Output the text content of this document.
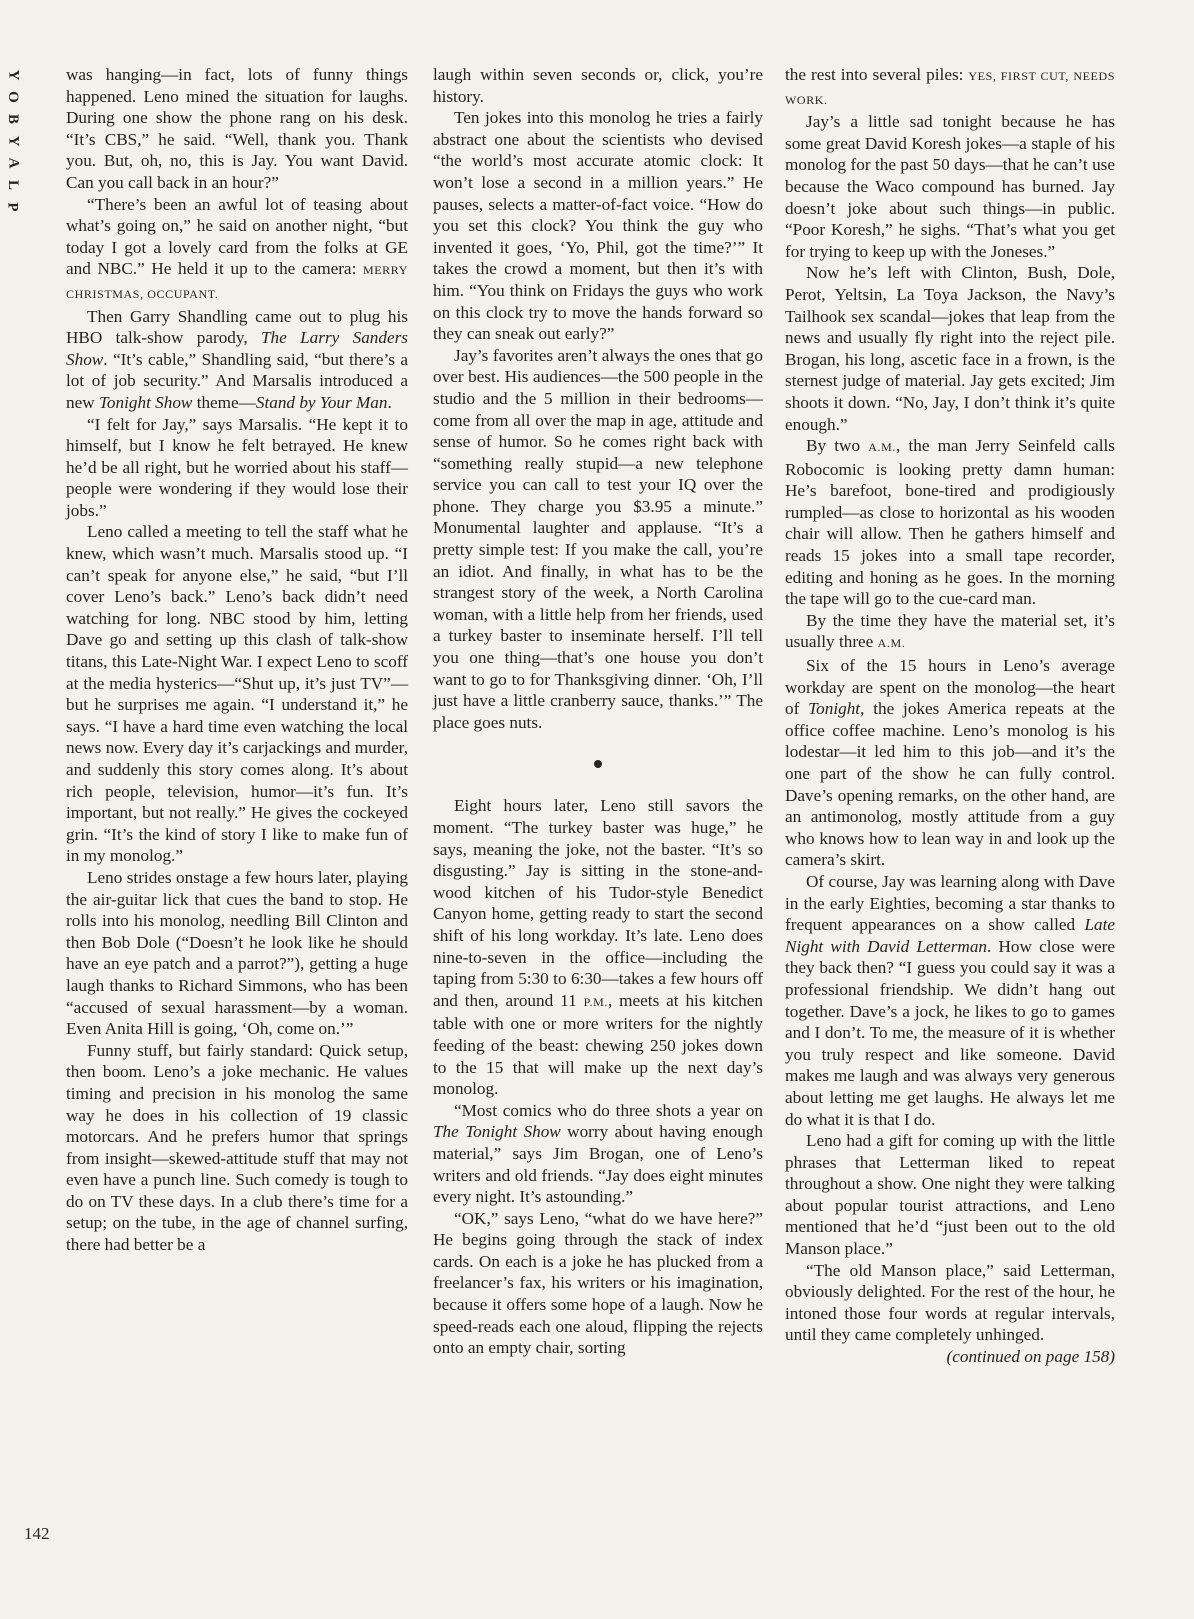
Y
O
B
Y
A
L
P
142

was hanging—in fact, lots of funny things happened. Leno mined the situation for laughs. During one show the phone rang on his desk. “It’s CBS,” he said. “Well, thank you. Thank you. But, oh, no, this is Jay. You want David. Can you call back in an hour?”

“There’s been an awful lot of teasing about what’s going on,” he said on another night, “but today I got a lovely card from the folks at GE and NBC.” He held it up to the camera: MERRY CHRISTMAS, OCCUPANT.

Then Garry Shandling came out to plug his HBO talk-show parody, The Larry Sanders Show. “It’s cable,” Shandling said, “but there’s a lot of job security.” And Marsalis introduced a new Tonight Show theme—Stand by Your Man.

“I felt for Jay,” says Marsalis. “He kept it to himself, but I know he felt betrayed. He knew he’d be all right, but he worried about his staff—people were wondering if they would lose their jobs.”

Leno called a meeting to tell the staff what he knew, which wasn’t much. Marsalis stood up. “I can’t speak for anyone else,” he said, “but I’ll cover Leno’s back.” Leno’s back didn’t need watching for long. NBC stood by him, letting Dave go and setting up this clash of talk-show titans, this Late-Night War. I expect Leno to scoff at the media hysterics—“Shut up, it’s just TV”—but he surprises me again. “I understand it,” he says. “I have a hard time even watching the local news now. Every day it’s carjackings and murder, and suddenly this story comes along. It’s about rich people, television, humor—it’s fun. It’s important, but not really.” He gives the cockeyed grin. “It’s the kind of story I like to make fun of in my monolog.”

Leno strides onstage a few hours later, playing the air-guitar lick that cues the band to stop. He rolls into his monolog, needling Bill Clinton and then Bob Dole (“Doesn’t he look like he should have an eye patch and a parrot?”), getting a huge laugh thanks to Richard Simmons, who has been “accused of sexual harassment—by a woman. Even Anita Hill is going, ‘Oh, come on.’”

Funny stuff, but fairly standard: Quick setup, then boom. Leno’s a joke mechanic. He values timing and precision in his monolog the same way he does in his collection of 19 classic motorcars. And he prefers humor that springs from insight—skewed-attitude stuff that may not even have a punch line. Such comedy is tough to do on TV these days. In a club there’s time for a setup; on the tube, in the age of channel surfing, there had better be a

laugh within seven seconds or, click, you’re history.

Ten jokes into this monolog he tries a fairly abstract one about the scientists who devised “the world’s most accurate atomic clock: It won’t lose a second in a million years.” He pauses, selects a matter-of-fact voice. “How do you set this clock? You think the guy who invented it goes, ‘Yo, Phil, got the time?’” It takes the crowd a moment, but then it’s with him. “You think on Fridays the guys who work on this clock try to move the hands forward so they can sneak out early?”

Jay’s favorites aren’t always the ones that go over best. His audiences—the 500 people in the studio and the 5 million in their bedrooms—come from all over the map in age, attitude and sense of humor. So he comes right back with “something really stupid—a new telephone service you can call to test your IQ over the phone. They charge you $3.95 a minute.” Monumental laughter and applause. “It’s a pretty simple test: If you make the call, you’re an idiot. And finally, in what has to be the strangest story of the week, a North Carolina woman, with a little help from her friends, used a turkey baster to inseminate herself. I’ll tell you one thing—that’s one house you don’t want to go to for Thanksgiving dinner. ‘Oh, I’ll just have a little cranberry sauce, thanks.’” The place goes nuts.

Eight hours later, Leno still savors the moment. “The turkey baster was huge,” he says, meaning the joke, not the baster. “It’s so disgusting.” Jay is sitting in the stone-and-wood kitchen of his Tudor-style Benedict Canyon home, getting ready to start the second shift of his long workday. It’s late. Leno does nine-to-seven in the office—including the taping from 5:30 to 6:30—takes a few hours off and then, around 11 P.M., meets at his kitchen table with one or more writers for the nightly feeding of the beast: chewing 250 jokes down to the 15 that will make up the next day’s monolog.

“Most comics who do three shots a year on The Tonight Show worry about having enough material,” says Jim Brogan, one of Leno’s writers and old friends. “Jay does eight minutes every night. It’s astounding.”

“OK,” says Leno, “what do we have here?” He begins going through the stack of index cards. On each is a joke he has plucked from a freelancer’s fax, his writers or his imagination, because it offers some hope of a laugh. Now he speed-reads each one aloud, flipping the rejects onto an empty chair, sorting

the rest into several piles: YES, FIRST CUT, NEEDS WORK.

Jay’s a little sad tonight because he has some great David Koresh jokes—a staple of his monolog for the past 50 days—that he can’t use because the Waco compound has burned. Jay doesn’t joke about such things—in public. “Poor Koresh,” he sighs. “That’s what you get for trying to keep up with the Joneses.”

Now he’s left with Clinton, Bush, Dole, Perot, Yeltsin, La Toya Jackson, the Navy’s Tailhook sex scandal—jokes that leap from the news and usually fly right into the reject pile. Brogan, his long, ascetic face in a frown, is the sternest judge of material. Jay gets excited; Jim shoots it down. “No, Jay, I don’t think it’s quite enough.”

By two A.M., the man Jerry Seinfeld calls Robocomic is looking pretty damn human: He’s barefoot, bone-tired and prodigiously rumpled—as close to horizontal as his wooden chair will allow. Then he gathers himself and reads 15 jokes into a small tape recorder, editing and honing as he goes. In the morning the tape will go to the cue-card man.

By the time they have the material set, it’s usually three A.M.

Six of the 15 hours in Leno’s average workday are spent on the monolog—the heart of Tonight, the jokes America repeats at the office coffee machine. Leno’s monolog is his lodestar—it led him to this job—and it’s the one part of the show he can fully control. Dave’s opening remarks, on the other hand, are an antimonolog, mostly attitude from a guy who knows how to lean way in and look up the camera’s skirt.

Of course, Jay was learning along with Dave in the early Eighties, becoming a star thanks to frequent appearances on a show called Late Night with David Letterman. How close were they back then? “I guess you could say it was a professional friendship. We didn’t hang out together. Dave’s a jock, he likes to go to games and I don’t. To me, the measure of it is whether you truly respect and like someone. David makes me laugh and was always very generous about letting me get laughs. He always let me do what it is that I do.

Leno had a gift for coming up with the little phrases that Letterman liked to repeat throughout a show. One night they were talking about popular tourist attractions, and Leno mentioned that he’d “just been out to the old Manson place.”

“The old Manson place,” said Letterman, obviously delighted. For the rest of the hour, he intoned those four words at regular intervals, until they came completely unhinged.

(continued on page 158)
